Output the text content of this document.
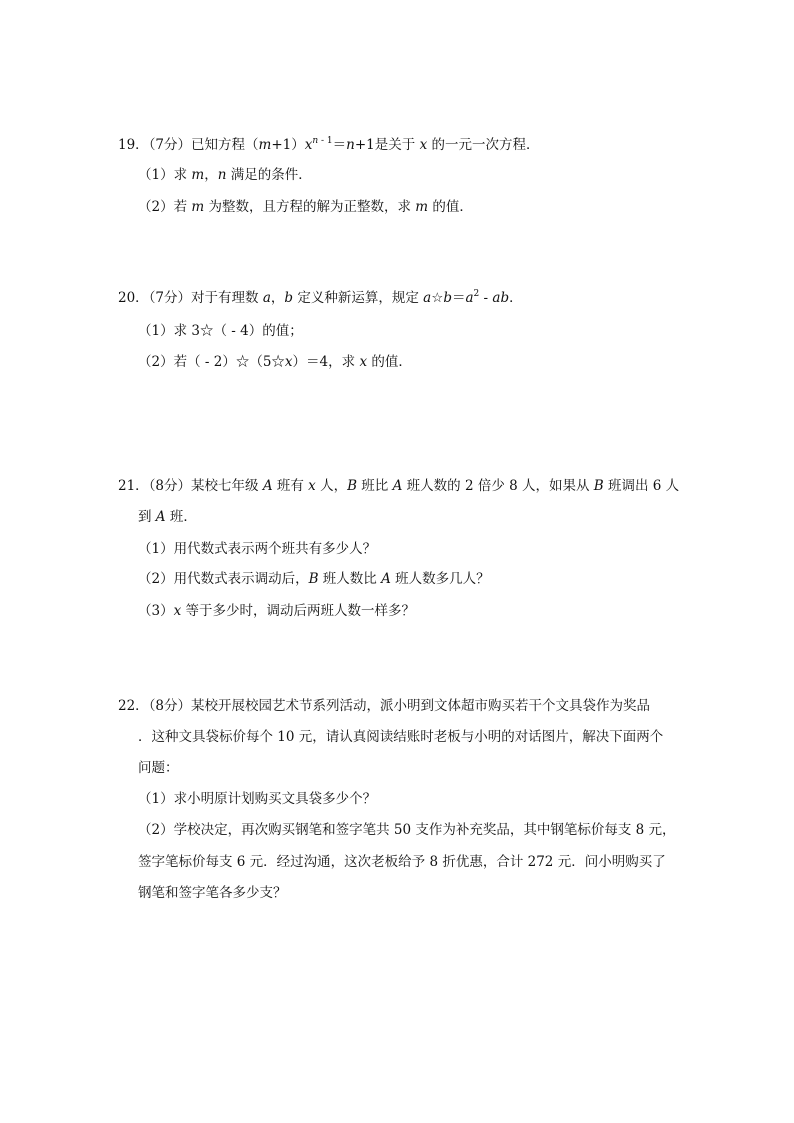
19．（7分）已知方程$(m+1)x^{n - 1}=n+1$是关于 x 的一元一次方程．
（1）求 m，n 满足的条件．
（2）若 m 为整数，且方程的解为正整数，求 m 的值．
20．（7分）对于有理数 a，b 定义种新运算，规定 $a☆b=a^2$ - ab．
（1）求 3☆（ - 4）的值；
（2）若（ - 2）☆（5☆x）＝4，求 x 的值．
21．（8分）某校七年级 A 班有 x 人，B 班比 A 班人数的 2 倍少 8 人，如果从 B 班调出 6 人
到 A 班．
（1）用代数式表示两个班共有多少人？
（2）用代数式表示调动后，B 班人数比 A 班人数多几人？
（3）x 等于多少时，调动后两班人数一样多？
22．（8分）某校开展校园艺术节系列活动，派小明到文体超市购买若干个文具袋作为奖品
．这种文具袋标价每个 10 元，请认真阅读结账时老板与小明的对话图片，解决下面两个
问题：
（1）求小明原计划购买文具袋多少个？
（2）学校决定，再次购买钢笔和签字笔共 50 支作为补充奖品，其中钢笔标价每支 8 元，
签字笔标价每支 6 元．经过沟通，这次老板给予 8 折优惠，合计 272 元．问小明购买了
钢笔和签字笔各多少支？
